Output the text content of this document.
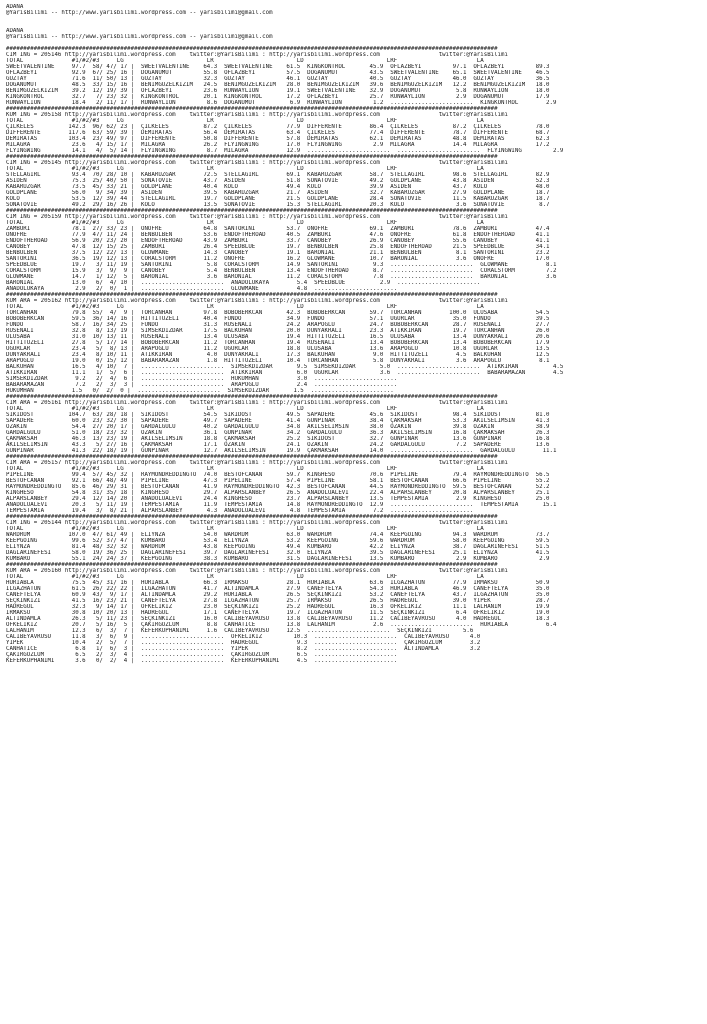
ADANA
@YarisBilimi -- http://www.yarisbilimi.wordpress.com -- yarisbilimi@gmail.com
ADANA
@YarisBilimi -- http://www.yarisbilimi.wordpress.com -- yarisbilimi@gmail.com
##############################################################################################################################################
CIM ING = 205146 http://yarisbilimi.wordpress.com    twitter:@YarisBilimi : http://yarisbilimi.wordpress.com                 twitter:@YarisBilimi
TOTAL              #1/#2/#3     LG                        LR                        LD                        LRF                       LA
SWEETVALENTINE     97.7  58/ 47/ 17 |  SWEETVALENTINE    64.3  SWEETVALENTINE    61.5  KINGKONTROL       45.9  OFLAZBEYI         97.1  OFLAZBEYI         89.3
OFLAZBEYI          92.9  67/ 25/ 16 |  DOGANUMUT         55.8  OFLAZBEYI         57.5  DOGANUMUT         43.5  SWEETVALENTINE    65.1  SWEETVALENTINE    46.5
GÜZTAY             71.6  11/ 50/ 13 |  GÜZTAY            32.3  GÜZTAY            46.1  GÜZTAY            40.5  GÜZTAY            46.0  GÜZTAY            36.5
DOGANUMUT          48.5  33/ 15/ 16 |  BENIMGÜZELKIZIM   24.5  BENIMGÜZELKIZIM   28.0  BENIMGÜZELKIZIM   39.6  BENIMGÜZELKIZIM   12.2  BENIMGÜZELKIZIM   18.0
BENIMGÜZELKIZIM    39.2  12/ 19/ 39 |  OFLAZBEYI         23.6  RUNWAYLION        19.1  SWEETVALENTINE    32.9  DOGANUMUT          5.8  RUNWAYLION        18.0
KINGKONTROL        32.7   7/ 23/ 32 |  KINGKONTROL       20.1  KINGKONTROL       17.2  OFLAZBEYI         25.7  RUNWAYLION         2.9  DOGANUMUT         17.9
RUNWAYLION         18.4   2/ 11/ 17 |  RUNWAYLION         8.6  DOGANUMUT          6.9  RUNWAYLION         1.2  ........................  KINGKONTROL        2.9
##############################################################################################################################################
KUM ING = 205158 http://yarisbilimi.wordpress.com    twitter:@YarisBilimi : http://yarisbilimi.wordpress.com                 twitter:@YarisBilimi
TOTAL              #1/#2/#3     LG                        LR                        LD                        LRF                       LA
ÇILKELES          142.3  96/ 62/ 23 |  ÇILKELES          87.2  ÇILKELES          77.9  DIFFERENTE        86.4  ÇILKELES          87.2  ÇILKELES          78.0
DIFFERENTE        117.6  63/ 59/ 39 |  DEMIRATAS         56.4  DEMIRATAS         63.4  ÇILKELES          77.4  DIFFERENTE        78.7  DIFFERENTE        68.7
DEMIRATAS         103.4  23/ 49/ 97 |  DIFFERENTE        50.8  DIFFERENTE        57.8  DEMIRATAS         62.1  DEMIRATAS         48.8  DEMIRATAS         62.3
MILAGRA            23.6   4/ 15/ 17 |  MILAGRA           26.2  FLYINGWING        17.0  FLYINGWING         2.9  MILAGRA           14.4  MILAGRA           17.2
FLYINGWING         14.1   4/  5/ 14 |  FLYINGWING         8.7  MILAGRA           12.9  ........................  ........................  FLYINGWING         2.9
##############################################################################################################################################
CIM ING = 205145 http://yarisbilimi.wordpress.com    twitter:@YarisBilimi : http://yarisbilimi.wordpress.com                 twitter:@YarisBilimi
TOTAL              #1/#2/#3     LG                        LR                        LD                        LRF                       LA
STELLAGIRL         93.4  70/ 28/ 10 |  KABARÜZGAR        72.5  STELLAGIRL        69.1  KABARÜZGAR        58.7  STELLAGIRL        98.6  STELLAGIRL        82.9
ASIDEN             75.3  25/ 40/ 50 |  SONATOVIE         43.7  ASIDEN            51.8  SONATOVIE         49.2  GOLDPLANE         43.8  ASIDEN            52.3
KABARÜZGAR         73.5  45/ 33/ 21 |  GOLDPLANE         40.4  KOLO              49.4  KOLO              39.9  ASIDEN            43.7  KOLO              48.0
GOLDPLANE          56.0   9/ 34/ 39 |  ASIDEN            39.5  KABARÜZGAR        21.7  ASIDEN            32.7  KABARÜZGAR        27.9  GOLDPLANE         18.7
KOLO               53.5  12/ 39/ 44 |  STELLAGIRL        19.7  GOLDPLANE         21.5  GOLDPLANE         28.4  SONATOVIE         11.5  KABARÜZGAR        18.7
SONATOVIE          49.2  29/ 16/ 26 |  KOLO              13.5  SONATOVIE         15.3  STELLAGIRL        20.3  KOLO               3.6  SONATOVIE          8.7
##############################################################################################################################################
CIM ING = 205159 http://yarisbilimi.wordpress.com    twitter:@YarisBilimi : http://yarisbilimi.wordpress.com                 twitter:@YarisBilimi
TOTAL              #1/#2/#3     LG                        LR                        LD                        LRF                       LA
ZAMBURI            78.1  27/ 33/ 23 |  ONOFRE            64.8  SANTORINI         53.7  ONOFRE            69.1  ZAMBURI           78.6  ZAMBURI           47.4
ONOFRE             77.9  47/ 11/ 24 |  BENBULBEN         53.6  ENDOFTHEROAD      40.5  ZAMBURI           47.6  ONOFRE            61.8  ENDOFTHEROAD      41.1
ENDOFTHEROAD       56.9  20/ 23/ 20 |  ENDOFTHEROAD      43.9  ZAMBURI           33.7  CANOBEY           26.9  CANOBEY           55.6  CANOBEY           41.1
CANOBEY            47.8  12/ 15/ 25 |  ZAMBURI           26.4  SPEEDBLUE         19.7  BENBULBEN         25.8  ENDOFTHEROAD      21.5  SPEEDBLUE         34.1
BENBULBEN          37.5  12/ 22/ 13 |  GLOWMANE          14.3  CANOBEY           19.1  BARONIAL          21.1  BENBULBEN          8.1  SANTORINI         23.2
SANTORINI          36.5  19/ 12/ 13 |  CORALSTORM        11.2  ONOFRE            16.2  GLOWMANE          10.7  BARONIAL           3.6  ONOFRE            17.0
SPEEDBLUE          19.7   3/ 11/ 19 |  SANTORINI          5.8  CORALSTORM        14.9  SANTORINI          9.3  ........................  GLOWMANE           8.1
CORALSTORM         15.9   3/  9/  9 |  CANOBEY            5.4  BENBULBEN         13.4  ENDOFTHEROAD       8.7  ........................  CORALSTORM         7.2
GLOWMANE           14.7   1/ 12/  5 |  BARONIAL           3.6  BARONIAL          11.2  CORALSTORM         7.8  ........................  BARONIAL           3.6
BARONIAL           13.0   6/  4/ 10 |  ........................  ANADOLUKAYA        5.4  SPEEDBLUE          2.9  ........................
ANADOLUKAYA         2.9   2/  0/  1 |  ........................  GLOWMANE           4.8  ........................
##############################################################################################################################################
KUM ARA = 205162 http://yarisbilimi.wordpress.com    twitter:@YarisBilimi : http://yarisbilimi.wordpress.com                 twitter:@YarisBilimi
TOTAL              #1/#2/#3     LG                        LR                        LD                        LRF                       LA
TORCANHAN          79.8  55/  4/  9 |  TORCANHAN         97.8  BOBOBERKCAN       42.3  BOBOBERKCAN       59.7  TORCANHAN        100.0  ULUSABA           54.5
BOBOBERKCAN        59.5  36/ 14/ 16 |  HITTITÜZELI       40.4  FUNDO             34.9  FUNDO             57.1  UGURLAR           35.0  FUNDO             39.5
FUNDO              58.7  16/ 34/ 25 |  FUNDO             31.3  RUSENALI          24.2  ARAPOGLU          24.7  BOBOBERKCAN       28.7  RUSENALI          27.7
RUSENALI           32.8   8/ 13/ 19 |  SIMSEKDIZDAR      17.5  BALKUHAN          20.0  DÜNYAKRALI        23.3  ATIKKIRAN         19.7  TORCANHAN         26.0
ULUSABA            31.0  10/ 13/ 11 |  RUSENALI          13.4  ULUSABA           19.4  HITTITÜZELI       16.5  ULUSABA           13.4  DÜNYAKRALI        20.6
HITTITÜZELI        27.8   5/ 17/ 14 |  BOBOBERKCAN       11.2  TORCANHAN         19.4  RUSENALI          13.4  BOBOBERKCAN       13.4  BOBOBERKCAN       17.9
UGURLAR            23.4   5/  8/ 13 |  ARAPOGLU          11.2  UGURLAR           18.8  ULUSABA           13.6  ARAPOGLU          10.8  UGURLAR           13.5
DÜNYAKRALI         23.4   8/ 10/ 11 |  ATIKKIRAN          4.0  DÜNYAKRALI        17.3  BALKUHAN           9.0  HITTITÜZELI        4.5  BALKUHAN          12.5
ARAPOGLU           19.0   0/ 15/ 12 |  BABARAMAZAN        1.8  HITTITÜZELI       10.4  TORCANHAN          5.8  DÜNYAKRALI         3.6  ARAPOGLU           8.1
BALKUHAN           16.5   4/ 10/  7 |  ........................  SIMSEKDIZDAR       9.5  SIMSEKDIZDAR       5.0  ........................  ATIKKIRAN          4.5
ATIKKIRAN          11.1   1/  5/  6 |  ........................  ATIKKIRAN          6.0  UGURLAR            3.6  ........................  BABARAMAZAN        4.5
SIMSEKDIZDAR        9.2   2/  4/  6 |  ........................  HÜKÜMHAN           3.0  ........................
BABARAMAZAN         7.2   2/  3/  3 |  ........................  ARAPOGLU           2.4  ........................
HÜKÜMHAN           1.5   0/  2/  0 |  ........................  SIMSEKDIZDAR       1.5  ........................
##############################################################################################################################################
CIM ARA = 205161 http://yarisbilimi.wordpress.com    twitter:@YarisBilimi : http://yarisbilimi.wordpress.com                 twitter:@YarisBilimi
TOTAL              #1/#2/#3     LG                        LR                        LD                        LRF                       LA
SIKIDOST          104.7  63/ 28/ 18 |  SIKIDOST          54.5  SIKIDOST          49.5  SAPADERE          45.6  SIKIDOST          98.4  SIKIDOST          81.0
SAPADERE           60.0  23/ 32/ 30 |  SAPADERE          49.7  SAPADERE          41.4  GÜNPINAR          38.4  ÇAKMAKSAH         53.3  AKILSELIMSIN      41.3
ÖZAKIN             54.4  27/ 20/ 17 |  GARDALGÜLÜ        40.2  GARDALGÜLÜ        34.8  AKILSELIMSIN      38.0  ÖZAKIN            39.8  ÖZAKIN            38.9
GARDALGÜLÜ         51.0  18/ 23/ 32 |  ÖZAKIN            36.1  GÜNPINAR          34.2  GARDALGÜLÜ        36.3  AKILSELIMSIN      16.8  ÇAKMAKSAH         26.3
ÇAKMAKSAH          46.3  13/ 23/ 19 |  AKILSELIMSIN      18.8  ÇAKMAKSAH         25.2  SIKIDOST          32.7  GÜNPINAR          13.6  GÜNPINAR          16.8
AKILSELIMSIN       43.3   5/ 27/ 16 |  ÇAKMAKSAH         17.1  ÖZAKIN            24.1  ÖZAKIN            24.2  GARDALGÜLÜ         7.2  SAPADERE          13.6
GÜNPINAR           41.3  22/ 18/ 19 |  GÜNPINAR          12.7  AKILSELIMSIN      19.9  ÇAKMAKSAH         14.0  ........................  GARDALGÜLÜ        11.1
##############################################################################################################################################
CIM ARA = 205157 http://yarisbilimi.wordpress.com    twitter:@YarisBilimi : http://yarisbilimi.wordpress.com                 twitter:@YarisBilimi
TOTAL              #1/#2/#3     LG                        LR                        LD                        LRF                       LA
PIPELINE           99.4  57/ 45/ 32 |  RAYMONDREDDINGTO  74.0  BESTOFCANAN       59.7  KINGHESO          70.6  PIPELINE          79.4  RAYMONDREDDINGTO  56.5
BESTOFCANAN        92.1  66/ 48/ 49 |  PIPELINE          47.3  PIPELINE          57.4  PIPELINE          58.1  BESTOFCANAN       66.6  PIPELINE          55.2
RAYMONDREDDINGTO   85.6  46/ 29/ 31 |  BESTOFCANAN       41.9  RAYMONDREDDINGTO  42.3  BESTOFCANAN       44.5  RAYMONDREDDINGTO  59.5  BESTOFCANAN       52.2
KINGHESO           54.8  31/ 35/ 18 |  KINGHESO          29.7  ALPARSLANBEY      26.5  ANADOLUALEVI      22.4  ALPARSLANBEY      20.8  ALPARSLANBEY      25.1
ALPARSLANBEY       29.4  12/ 14/ 20 |  ANADOLUALEVI      24.4  KINGHESO          23.7  ALPARSLANBEY      13.5  TEMPESTAMIA        2.9  KINGHESO          25.0
ANADOLUALEVI       20.3   5/ 11/ 19 |  TEMPESTAMIA       11.9  TEMPESTAMIA       14.8  RAYMONDREDDINGTO  12.9  ........................  TEMPESTAMIA       15.1
TEMPESTAMIA        19.4   3/  8/ 21 |  ALPARSLANBEY       4.3  ANADOLUALEVI       4.8  TEMPESTAMIA        7.2  ........................
##############################################################################################################################################
CIM ING = 205144 http://yarisbilimi.wordpress.com    twitter:@YarisBilimi : http://yarisbilimi.wordpress.com                 twitter:@YarisBilimi
TOTAL              #1/#2/#3     LG                        LR                        LD                        LRF                       LA
WARDRUM           107.0  47/ 61/ 49 |  ELIYNZA           54.0  WARDRUM           63.0  WARDRUM           74.4  KEEPGOING         94.3  WARDRUM           73.7
KEEPGOING          99.6  52/ 37/ 47 |  KUMBARO           53.4  ELIYNZA           53.2  KEEPGOING         59.6  WARDRUM           58.0  KEEPGOING         59.5
ELIYNZA            81.4  48/ 32/ 32 |  WARDRUM           43.8  KEEPGOING         49.4  KUMBARO           42.2  ELIYNZA           38.7  DAGLARINEFESI     51.5
DAGLARINEFESI      58.0  19/ 36/ 25 |  DAGLARINEFESI     39.7  DAGLARINEFESI     32.0  ELIYNZA           39.5  DAGLARINEFESI     25.1  ELIYNZA           41.5
KUMBARO            55.1  24/ 24/ 37 |  KEEPGOING         38.3  KUMBARO           31.5  DAGLARINEFESI     13.5  KUMBARO            2.9  KUMBARO            2.9
##############################################################################################################################################
KUM ARA = 205160 http://yarisbilimi.wordpress.com    twitter:@YarisBilimi : http://yarisbilimi.wordpress.com                 twitter:@YarisBilimi
TOTAL              #1/#2/#3     LG                        LR                        LD                        LRF                       LA
HURIABLA           75.5  45/ 31/ 16 |  HURIABLA          66.3  IRMAKSU           28.1  HURIABLA          63.6  ILGAZHATUN        77.9  IRMAKSU           50.9
ILGAZHATUN         61.5  26/ 22/ 22 |  ILGAZHATUN        41.7  ALTINDAMLA        27.9  CANEFTELYA        54.3  HURIABLA          46.9  CANEFTELYA        35.0
CANEFTELYA         60.9  43/  9/ 17 |  ALTINDAMLA        29.2  HURIABLA          26.5  SEÇKINKIZI        53.2  CANEFTELYA        43.7  ILGAZHATUN        35.0
SEÇKINKIZI         41.5  16/ 23/ 21 |  CANEFTELYA        27.8  ILGAZHATUN        25.7  IRMAKSU           26.5  HADREGÜL          39.0  YIPEK             28.7
HADREGÜL           32.3   9/ 14/ 17 |  ÖFKELIKIZ         23.0  SEÇKINKIZI        25.2  HADREGÜL          16.3  ÖFKELIKIZ         11.1  LALHANIM          19.9
IRMAKSU            30.8  10/ 20/ 13 |  HADREGÜL          17.1  CANEFTELYA        19.7  ILGAZHATUN        11.5  SEÇKINKIZI         6.4  ÖFKELIKIZ         19.0
ALTINDAMLA         26.3   5/ 11/ 23 |  SEÇKINKIZI        16.0  CALIBEYAVRUSU     13.8  CALIBEYAVRUSU     11.2  CALIBEYAVRUSU      4.0  HADREGÜL          18.3
ÖFKELIKIZ          20.7   5/ 16/  5 |  ÇAKIRGÖZLÜM        8.8  CANHATICE         13.8  LALHANIM           2.6  ........................  HURIABLA           6.4
LALHANIM           12.3   6/  3/  7 |  KEFERKUPHANIMI     1.6  CALIBEYAVRUSU     12.5  ........................  SEÇKINKIZI         5.6
CALIBEYAVRUSU      11.8   3/  6/  9 |  ........................  ÖFKELIKIZ         10.3  ........................  CALIBEYAVRUSU      4.0
YIPEK              10.4   2/  5/  7 |  ........................  HADREGÜL           9.3  ........................  ÇAKIRGÖZLÜM        3.2
CANHATICE           6.8   1/  6/  3 |  ........................  YIPEK              8.2  ........................  ALTINDAMLA         3.2
ÇAKIRGÖZLÜM         6.5   2/  3/  4 |  ........................  ÇAKIRGÖZLÜM        6.5  ........................
KEFERKUPHANIMI      3.6   0/  2/  4 |  ........................  KEFERKUPHANIMI     4.5  ........................
